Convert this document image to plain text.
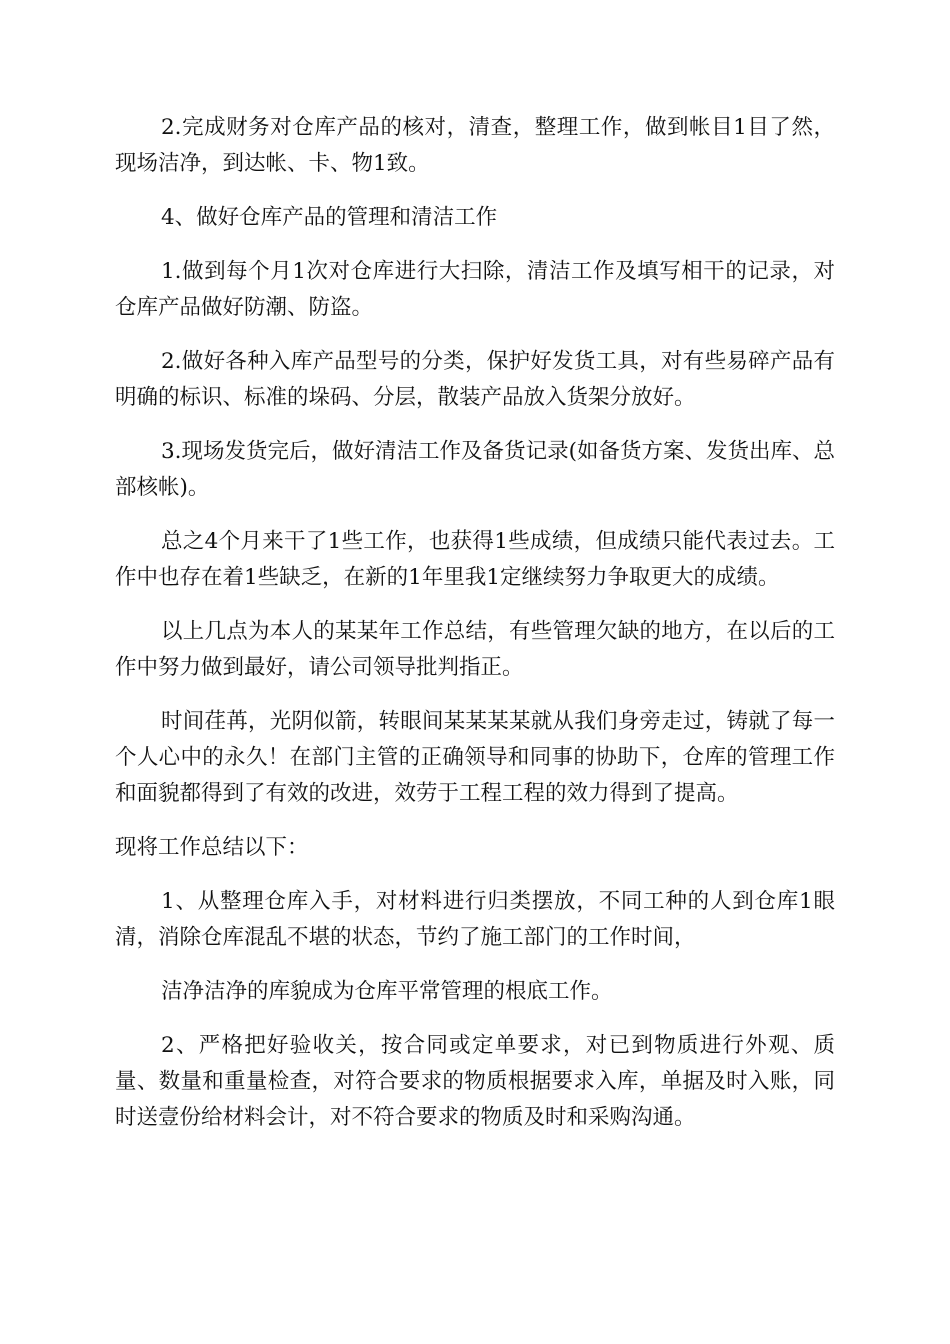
2.完成财务对仓库产品的核对，清查，整理工作，做到帐目1目了然，现场洁净，到达帐、卡、物1致。

4、做好仓库产品的管理和清洁工作

1.做到每个月1次对仓库进行大扫除，清洁工作及填写相干的记录，对仓库产品做好防潮、防盗。

2.做好各种入库产品型号的分类，保护好发货工具，对有些易碎产品有明确的标识、标准的垛码、分层，散装产品放入货架分放好。

3.现场发货完后，做好清洁工作及备货记录(如备货方案、发货出库、总部核帐)。

总之4个月来干了1些工作，也获得1些成绩，但成绩只能代表过去。工作中也存在着1些缺乏，在新的1年里我1定继续努力争取更大的成绩。

以上几点为本人的某某年工作总结，有些管理欠缺的地方，在以后的工作中努力做到最好，请公司领导批判指正。

时间荏苒，光阴似箭，转眼间某某某某就从我们身旁走过，铸就了每一个人心中的永久！在部门主管的正确领导和同事的协助下，仓库的管理工作和面貌都得到了有效的改进，效劳于工程工程的效力得到了提高。

现将工作总结以下：

1、从整理仓库入手，对材料进行归类摆放，不同工种的人到仓库1眼清，消除仓库混乱不堪的状态，节约了施工部门的工作时间，

洁净洁净的库貌成为仓库平常管理的根底工作。

2、严格把好验收关，按合同或定单要求，对已到物质进行外观、质量、数量和重量检查，对符合要求的物质根据要求入库，单据及时入账，同时送壹份给材料会计，对不符合要求的物质及时和采购沟通。
